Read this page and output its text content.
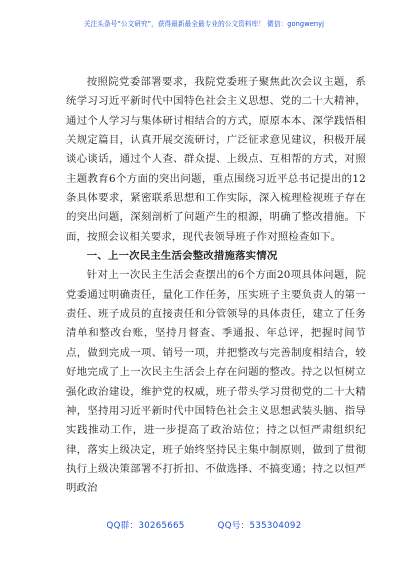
关注头条号“公文研究”，获得最新最全最专业的公文资料库！ 微信：gongwenyj

按照院党委部署要求，我院党委班子聚焦此次会议主题，系统学习习近平新时代中国特色社会主义思想、党的二十大精神，通过个人学习与集体研讨相结合的方式，原原本本、深学践悟相关规定篇目，认真开展交流研讨，广泛征求意见建议，积极开展谈心谈话，通过个人查、群众提、上级点、互相帮的方式，对照主题教育6个方面的突出问题，重点围绕习近平总书记提出的12条具体要求，紧密联系思想和工作实际，深入梳理检视班子存在的突出问题，深刻剖析了问题产生的根源，明确了整改措施。下面，按照会议相关要求，现代表领导班子作对照检查如下。

一、上一次民主生活会整改措施落实情况

针对上一次民主生活会查摆出的6个方面20项具体问题，院党委通过明确责任，量化工作任务，压实班子主要负责人的第一责任、班子成员的直接责任和分管领导的具体责任，建立了任务清单和整改台账，坚持月督查、季通报、年总评，把握时间节点，做到完成一项、销号一项，并把整改与完善制度相结合，较好地完成了上一次民主生活会上存在问题的整改。持之以恒树立强化政治建设，维护党的权威，班子带头学习贯彻党的二十大精神，坚持用习近平新时代中国特色社会主义思想武装头脑、指导实践推动工作，进一步提高了政治站位；持之以恒严肃组织纪律，落实上级决定，班子始终坚持民主集中制原则，做到了贯彻执行上级决策部署不打折扣、不做选择、不搞变通；持之以恒严明政治

QQ群：30265665	QQ号：535304092
